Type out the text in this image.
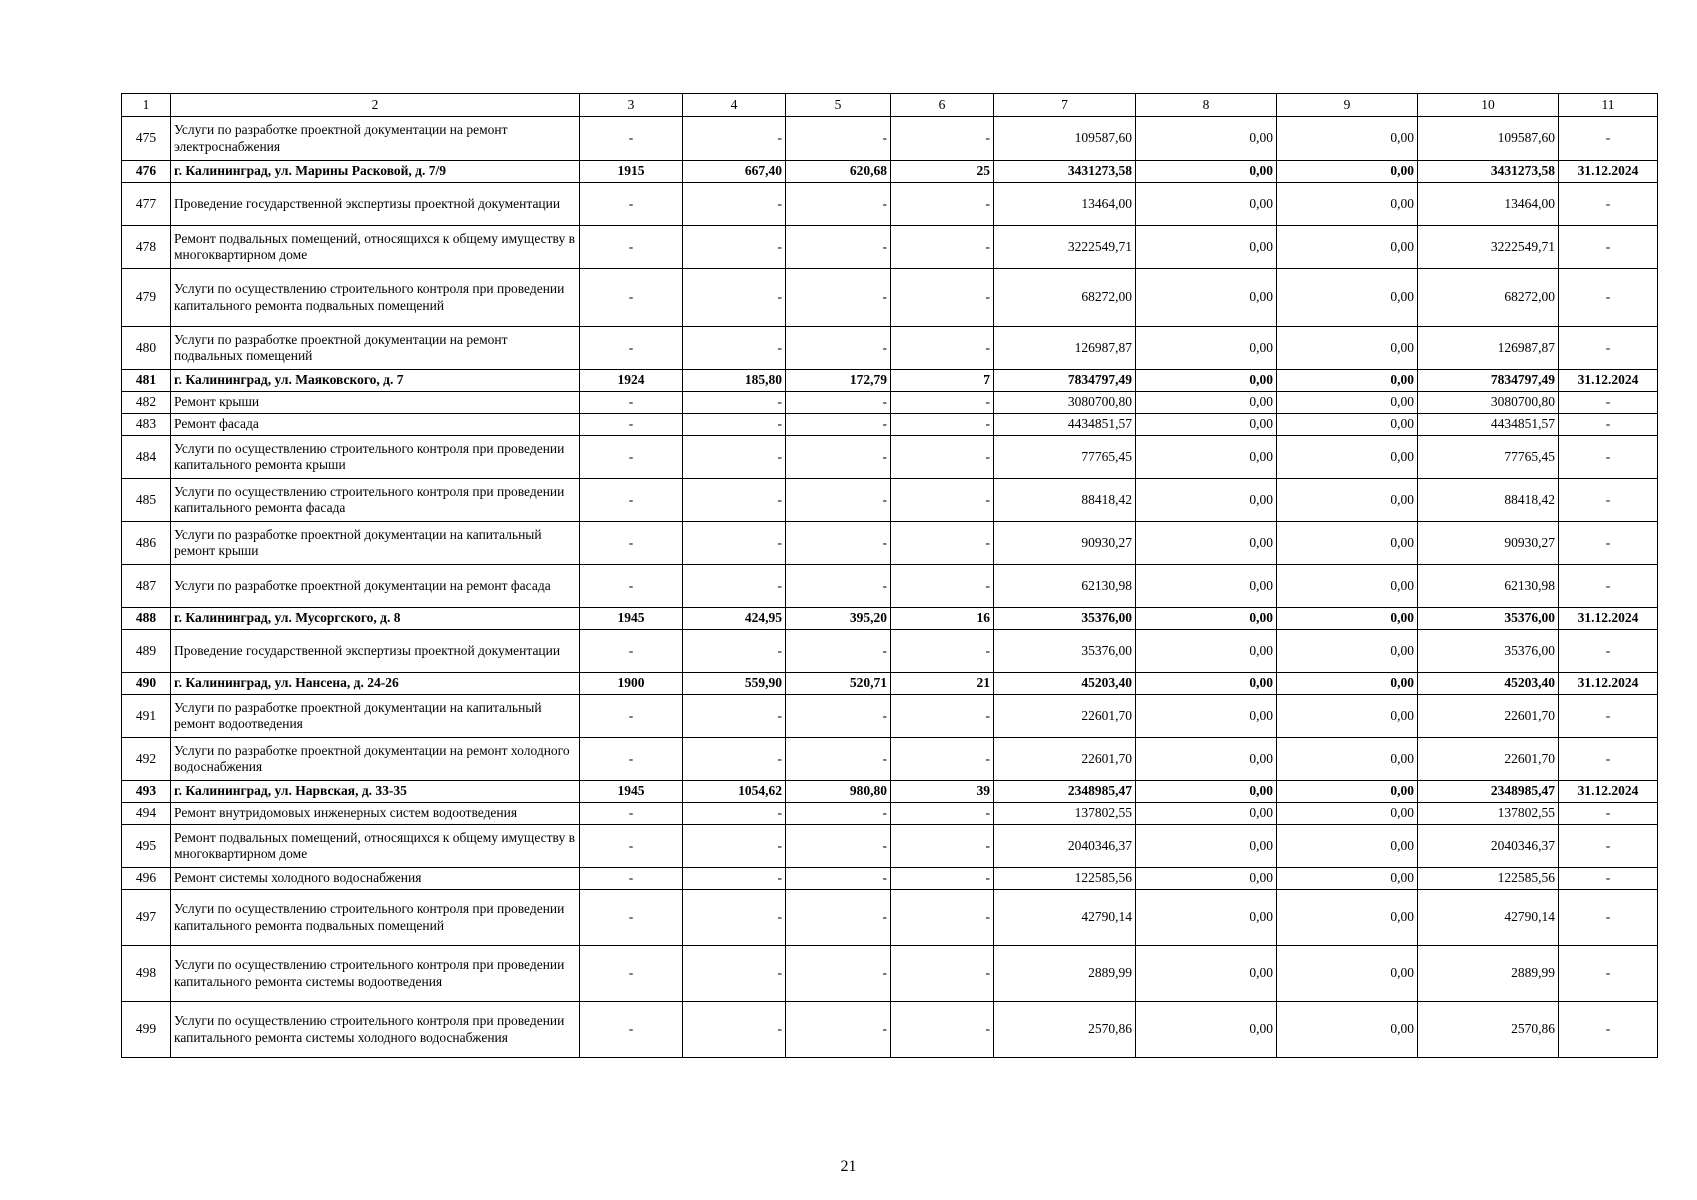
1	2	3	4	5	6	7	8	9	10	11
475	Услуги по разработке проектной документации на ремонт электроснабжения	-	-	-	-	109587,60	0,00	0,00	109587,60	-
476	г. Калининград, ул. Марины Расковой, д. 7/9	1915	667,40	620,68	25	3431273,58	0,00	0,00	3431273,58	31.12.2024
477	Проведение государственной экспертизы проектной документации	-	-	-	-	13464,00	0,00	0,00	13464,00	-
478	Ремонт подвальных помещений, относящихся к общему имуществу в многоквартирном доме	-	-	-	-	3222549,71	0,00	0,00	3222549,71	-
479	Услуги по осуществлению строительного контроля при проведении капитального ремонта подвальных помещений	-	-	-	-	68272,00	0,00	0,00	68272,00	-
480	Услуги по разработке проектной документации на ремонт подвальных помещений	-	-	-	-	126987,87	0,00	0,00	126987,87	-
481	г. Калининград, ул. Маяковского, д. 7	1924	185,80	172,79	7	7834797,49	0,00	0,00	7834797,49	31.12.2024
482	Ремонт крыши	-	-	-	-	3080700,80	0,00	0,00	3080700,80	-
483	Ремонт фасада	-	-	-	-	4434851,57	0,00	0,00	4434851,57	-
484	Услуги по осуществлению строительного контроля при проведении капитального ремонта крыши	-	-	-	-	77765,45	0,00	0,00	77765,45	-
485	Услуги по осуществлению строительного контроля при проведении капитального ремонта фасада	-	-	-	-	88418,42	0,00	0,00	88418,42	-
486	Услуги по разработке проектной документации на капитальный ремонт крыши	-	-	-	-	90930,27	0,00	0,00	90930,27	-
487	Услуги по разработке проектной документации на ремонт фасада	-	-	-	-	62130,98	0,00	0,00	62130,98	-
488	г. Калининград, ул. Мусоргского, д. 8	1945	424,95	395,20	16	35376,00	0,00	0,00	35376,00	31.12.2024
489	Проведение государственной экспертизы проектной документации	-	-	-	-	35376,00	0,00	0,00	35376,00	-
490	г. Калининград, ул. Нансена, д. 24-26	1900	559,90	520,71	21	45203,40	0,00	0,00	45203,40	31.12.2024
491	Услуги по разработке проектной документации на капитальный ремонт водоотведения	-	-	-	-	22601,70	0,00	0,00	22601,70	-
492	Услуги по разработке проектной документации на ремонт холодного водоснабжения	-	-	-	-	22601,70	0,00	0,00	22601,70	-
493	г. Калининград, ул. Нарвская, д. 33-35	1945	1054,62	980,80	39	2348985,47	0,00	0,00	2348985,47	31.12.2024
494	Ремонт внутридомовых инженерных систем водоотведения	-	-	-	-	137802,55	0,00	0,00	137802,55	-
495	Ремонт подвальных помещений, относящихся к общему имуществу в многоквартирном доме	-	-	-	-	2040346,37	0,00	0,00	2040346,37	-
496	Ремонт системы холодного водоснабжения	-	-	-	-	122585,56	0,00	0,00	122585,56	-
497	Услуги по осуществлению строительного контроля при проведении капитального ремонта подвальных помещений	-	-	-	-	42790,14	0,00	0,00	42790,14	-
498	Услуги по осуществлению строительного контроля при проведении капитального ремонта системы водоотведения	-	-	-	-	2889,99	0,00	0,00	2889,99	-
499	Услуги по осуществлению строительного контроля при проведении капитального ремонта системы холодного водоснабжения	-	-	-	-	2570,86	0,00	0,00	2570,86	-
21
